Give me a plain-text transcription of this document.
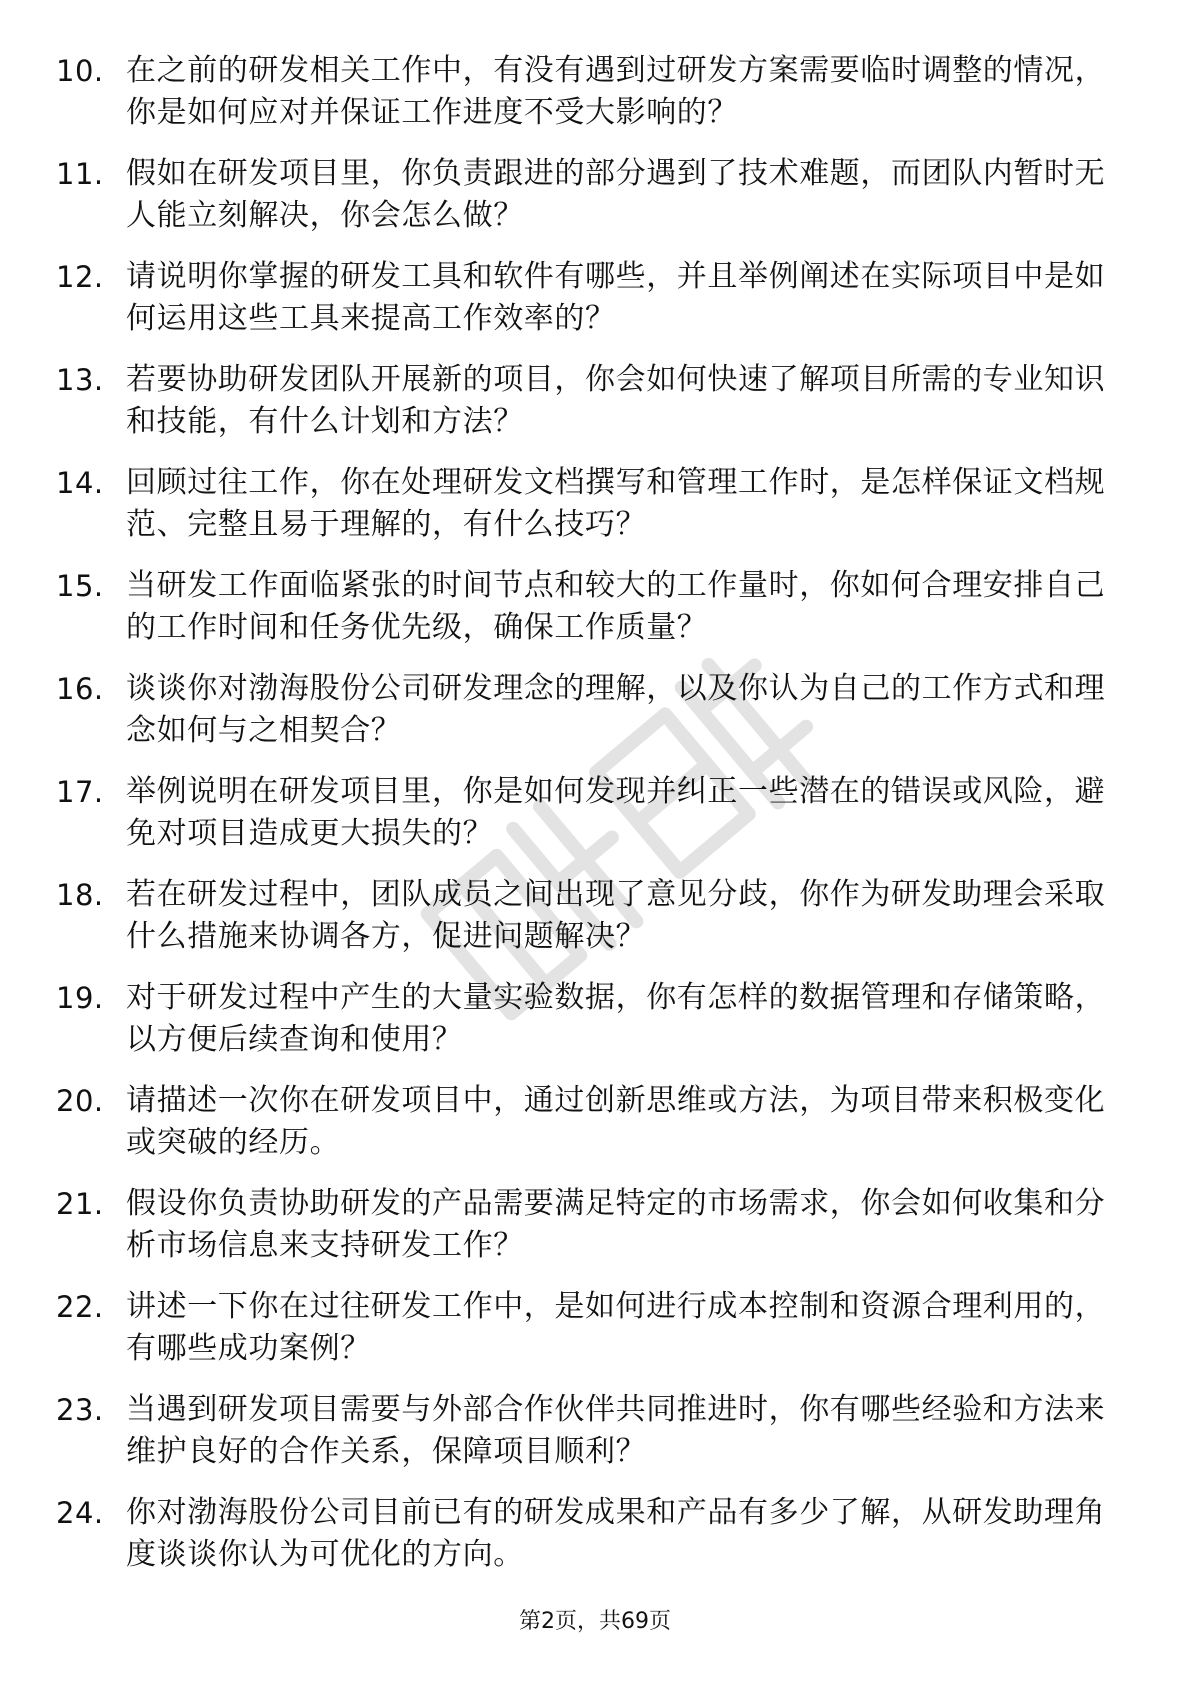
10. 在之前的研发相关工作中，有没有遇到过研发方案需要临时调整的情况，你是如何应对并保证工作进度不受大影响的？
11. 假如在研发项目里，你负责跟进的部分遇到了技术难题，而团队内暂时无人能立刻解决，你会怎么做？
12. 请说明你掌握的研发工具和软件有哪些，并且举例阐述在实际项目中是如何运用这些工具来提高工作效率的？
13. 若要协助研发团队开展新的项目，你会如何快速了解项目所需的专业知识和技能，有什么计划和方法？
14. 回顾过往工作，你在处理研发文档撰写和管理工作时，是怎样保证文档规范、完整且易于理解的，有什么技巧？
15. 当研发工作面临紧张的时间节点和较大的工作量时，你如何合理安排自己的工作时间和任务优先级，确保工作质量？
16. 谈谈你对渤海股份公司研发理念的理解，以及你认为自己的工作方式和理念如何与之相契合？
17. 举例说明在研发项目里，你是如何发现并纠正一些潜在的错误或风险，避免对项目造成更大损失的？
18. 若在研发过程中，团队成员之间出现了意见分歧，你作为研发助理会采取什么措施来协调各方，促进问题解决？
19. 对于研发过程中产生的大量实验数据，你有怎样的数据管理和存储策略，以方便后续查询和使用？
20. 请描述一次你在研发项目中，通过创新思维或方法，为项目带来积极变化或突破的经历。
21. 假设你负责协助研发的产品需要满足特定的市场需求，你会如何收集和分析市场信息来支持研发工作？
22. 讲述一下你在过往研发工作中，是如何进行成本控制和资源合理利用的，有哪些成功案例？
23. 当遇到研发项目需要与外部合作伙伴共同推进时，你有哪些经验和方法来维护良好的合作关系，保障项目顺利？
24. 你对渤海股份公司目前已有的研发成果和产品有多少了解，从研发助理角度谈谈你认为可优化的方向。
第2页，共69页
